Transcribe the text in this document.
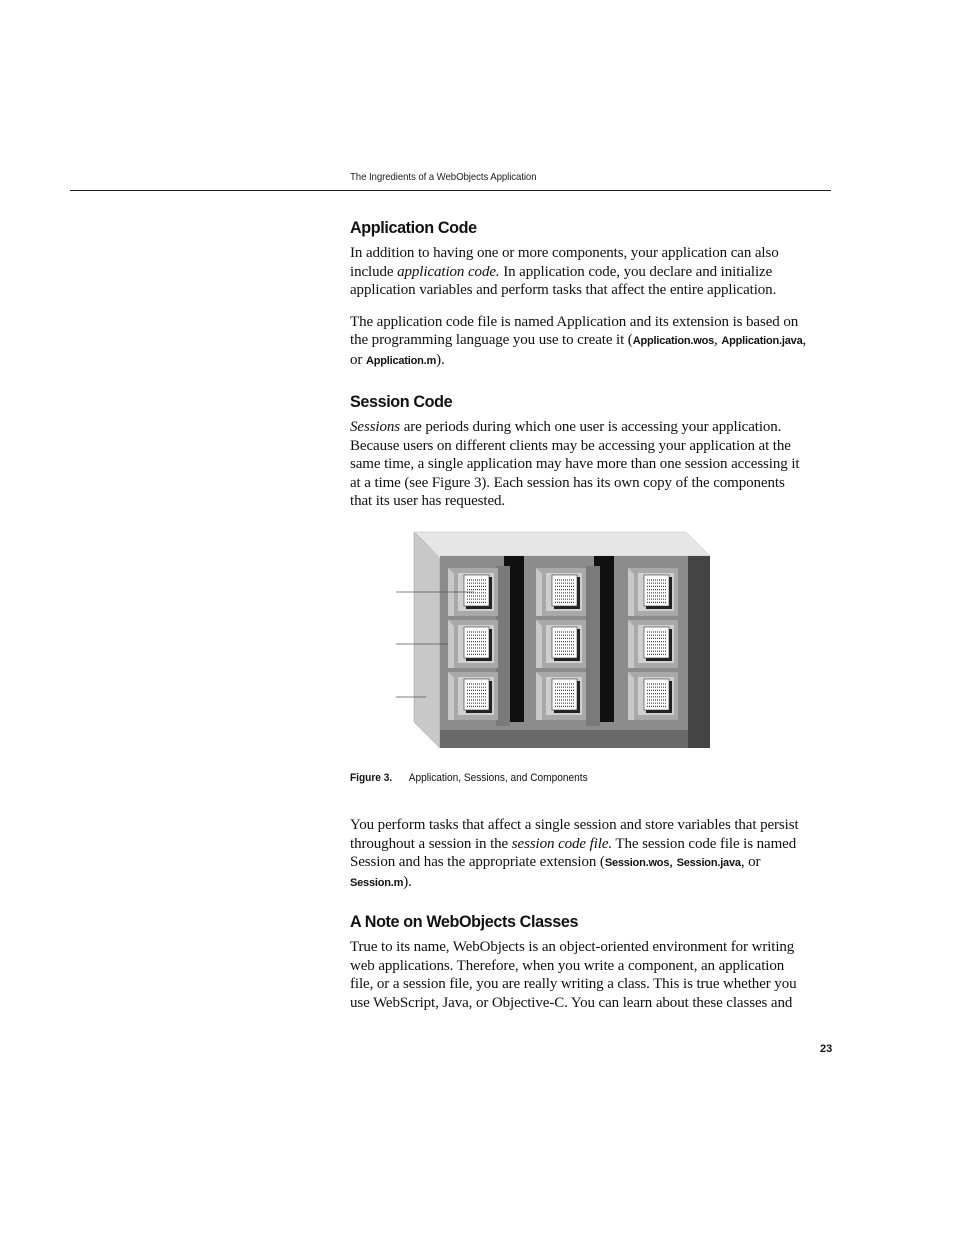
The Ingredients of a WebObjects Application
Application Code

In addition to having one or more components, your application can also include application code. In application code, you declare and initialize application variables and perform tasks that affect the entire application.

The application code file is named Application and its extension is based on the programming language you use to create it (Application.wos, Application.java, or Application.m).

Session Code

Sessions are periods during which one user is accessing your application. Because users on different clients may be accessing your application at the same time, a single application may have more than one session accessing it at a time (see Figure 3). Each session has its own copy of the components that its user has requested.

Figure 3. Application, Sessions, and Components

You perform tasks that affect a single session and store variables that persist throughout a session in the session code file. The session code file is named Session and has the appropriate extension (Session.wos, Session.java, or Session.m).

A Note on WebObjects Classes

True to its name, WebObjects is an object-oriented environment for writing web applications. Therefore, when you write a component, an application file, or a session file, you are really writing a class. This is true whether you use WebScript, Java, or Objective-C. You can learn about these classes and

23
